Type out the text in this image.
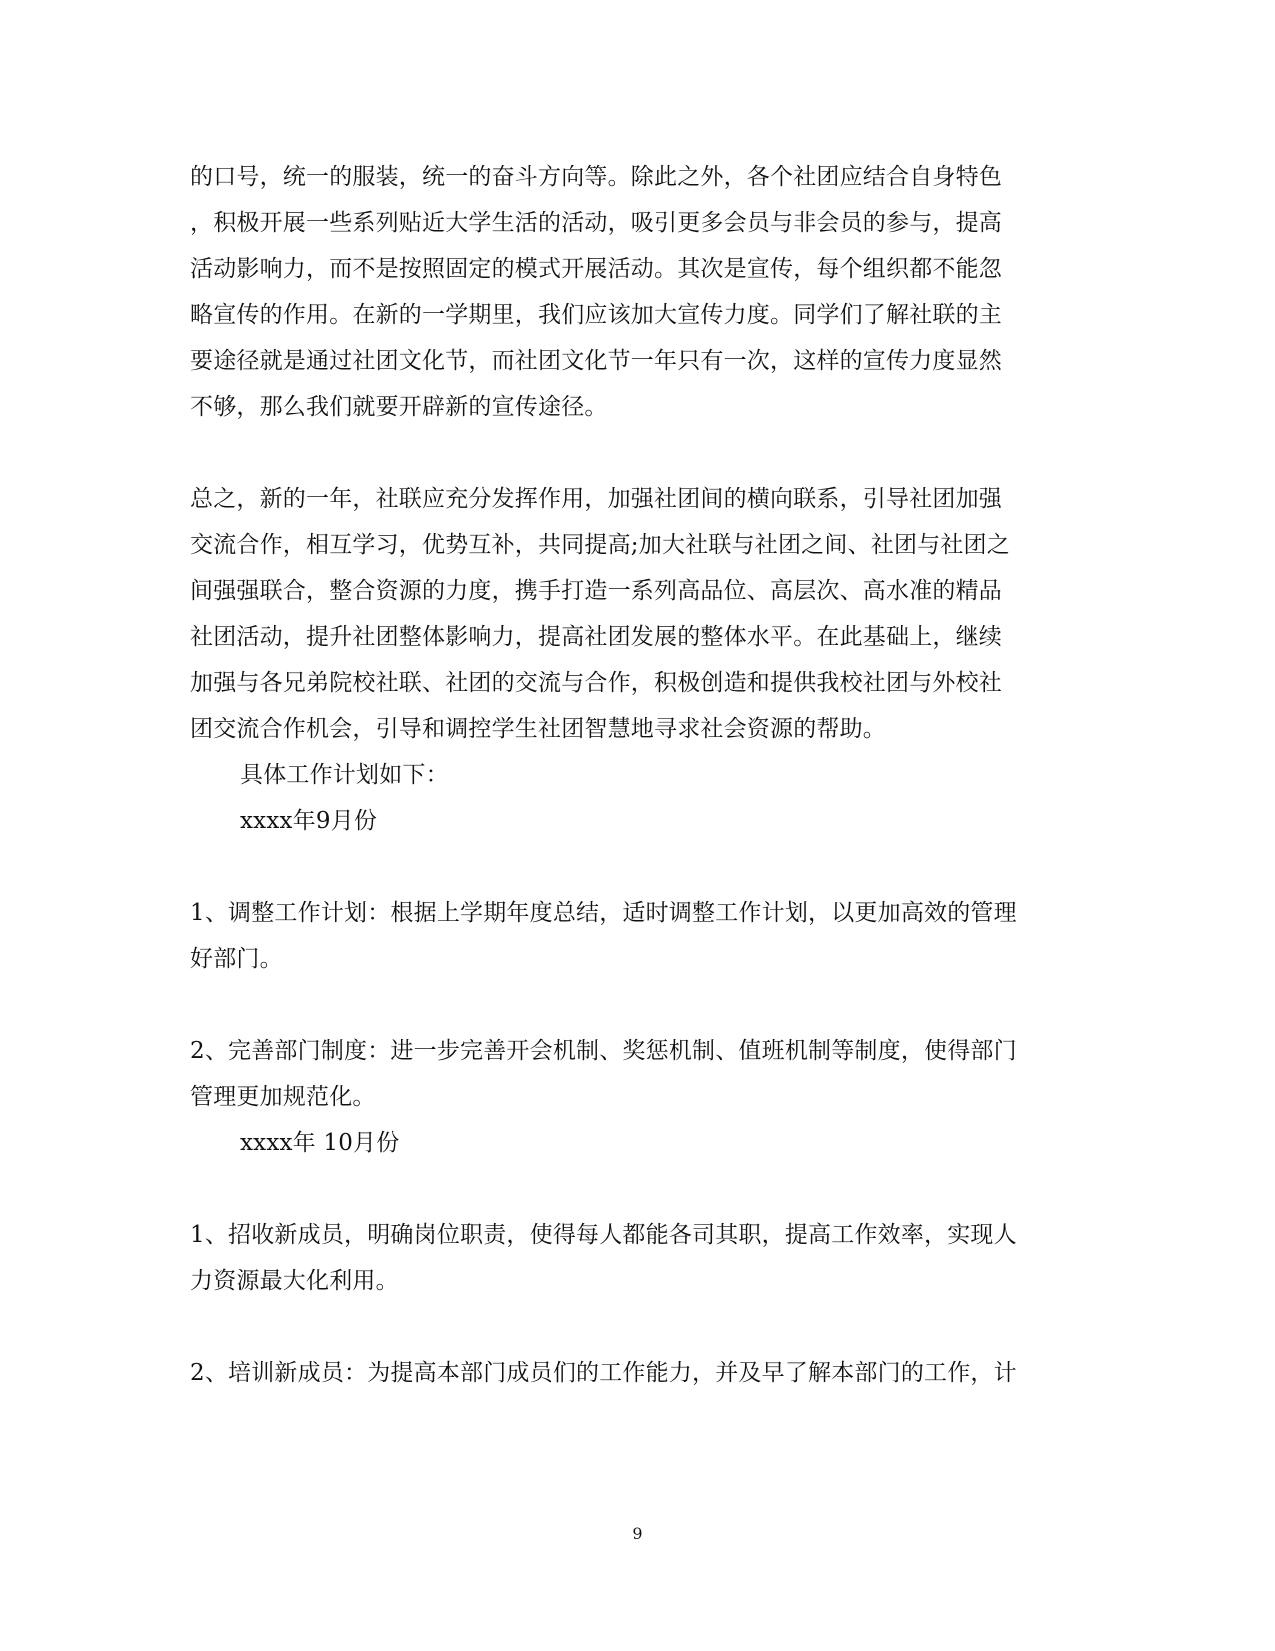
的口号，统一的服装，统一的奋斗方向等。除此之外，各个社团应结合自身特色
，积极开展一些系列贴近大学生活的活动，吸引更多会员与非会员的参与，提高
活动影响力，而不是按照固定的模式开展活动。其次是宣传，每个组织都不能忽
略宣传的作用。在新的一学期里，我们应该加大宣传力度。同学们了解社联的主
要途径就是通过社团文化节，而社团文化节一年只有一次，这样的宣传力度显然
不够，那么我们就要开辟新的宣传途径。
总之，新的一年，社联应充分发挥作用，加强社团间的横向联系，引导社团加强
交流合作，相互学习，优势互补，共同提高;加大社联与社团之间、社团与社团之
间强强联合，整合资源的力度，携手打造一系列高品位、高层次、高水准的精品
社团活动，提升社团整体影响力，提高社团发展的整体水平。在此基础上，继续
加强与各兄弟院校社联、社团的交流与合作，积极创造和提供我校社团与外校社
团交流合作机会，引导和调控学生社团智慧地寻求社会资源的帮助。
具体工作计划如下：
xxxx年9月份
1、调整工作计划：根据上学期年度总结，适时调整工作计划，以更加高效的管理
好部门。
2、完善部门制度：进一步完善开会机制、奖惩机制、值班机制等制度，使得部门
管理更加规范化。
xxxx年 10月份
1、招收新成员，明确岗位职责，使得每人都能各司其职，提高工作效率，实现人
力资源最大化利用。
2、培训新成员：为提高本部门成员们的工作能力，并及早了解本部门的工作，计
9
